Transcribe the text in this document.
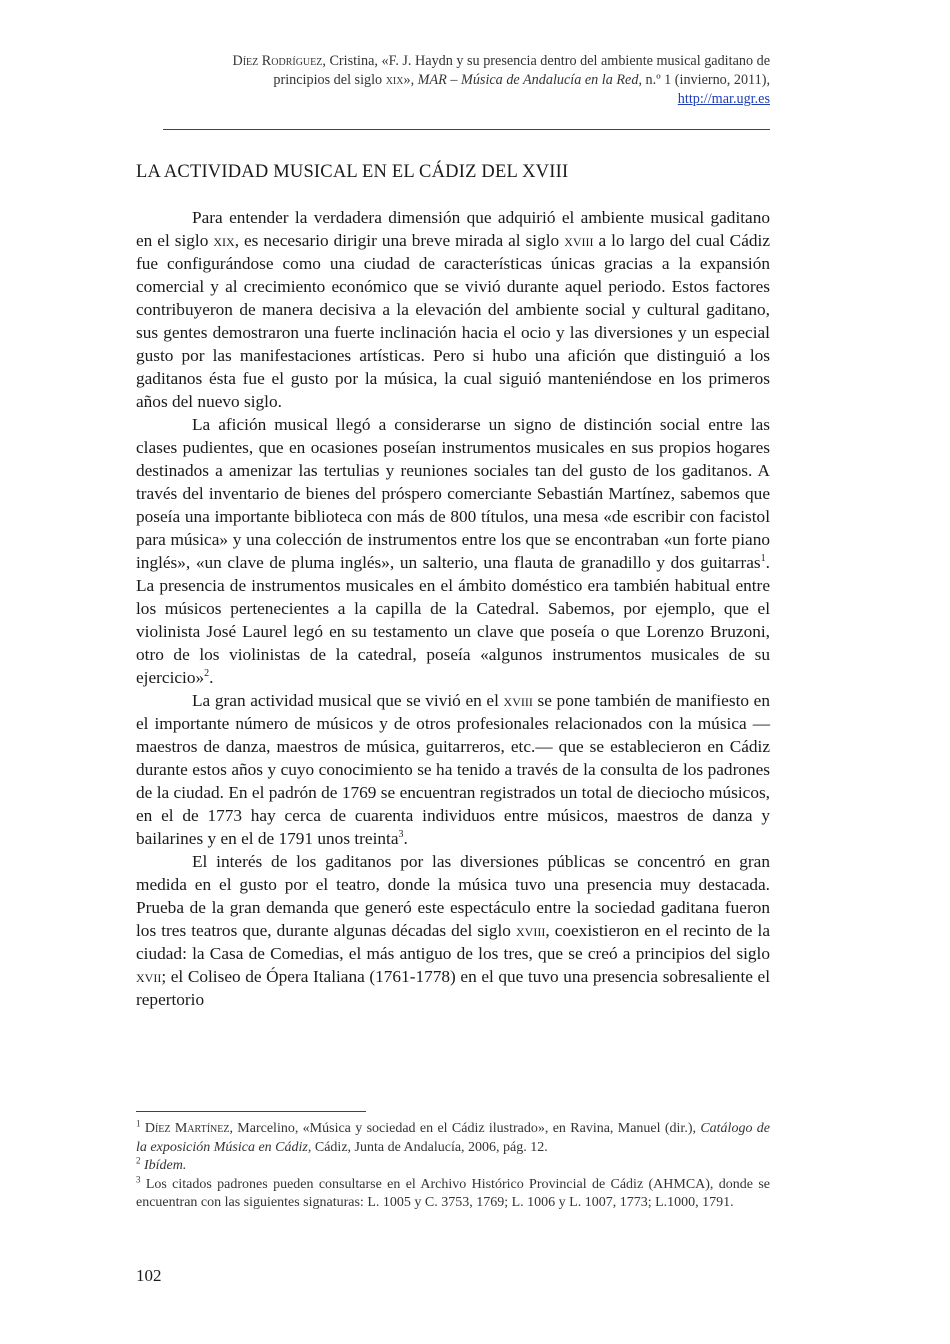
Díez Rodríguez, Cristina, «F. J. Haydn y su presencia dentro del ambiente musical gaditano de
principios del siglo xix», MAR – Música de Andalucía en la Red, n.º 1 (invierno, 2011),
http://mar.ugr.es
LA ACTIVIDAD MUSICAL EN EL CÁDIZ DEL XVIII

Para entender la verdadera dimensión que adquirió el ambiente musical gaditano en el siglo xix, es necesario dirigir una breve mirada al siglo xviii a lo largo del cual Cádiz fue configurándose como una ciudad de características únicas gracias a la expansión comercial y al crecimiento económico que se vivió durante aquel periodo. Estos factores contribuyeron de manera decisiva a la elevación del ambiente social y cultural gaditano, sus gentes demostraron una fuerte inclinación hacia el ocio y las diversiones y un especial gusto por las manifestaciones artísticas. Pero si hubo una afición que distinguió a los gaditanos ésta fue el gusto por la música, la cual siguió manteniéndose en los primeros años del nuevo siglo.

La afición musical llegó a considerarse un signo de distinción social entre las clases pudientes, que en ocasiones poseían instrumentos musicales en sus propios hogares destinados a amenizar las tertulias y reuniones sociales tan del gusto de los gaditanos. A través del inventario de bienes del próspero comerciante Sebastián Martínez, sabemos que poseía una importante biblioteca con más de 800 títulos, una mesa «de escribir con facistol para música» y una colección de instrumentos entre los que se encontraban «un forte piano inglés», «un clave de pluma inglés», un salterio, una flauta de granadillo y dos guitarras$^1$. La presencia de instrumentos musicales en el ámbito doméstico era también habitual entre los músicos pertenecientes a la capilla de la Catedral. Sabemos, por ejemplo, que el violinista José Laurel legó en su testamento un clave que poseía o que Lorenzo Bruzoni, otro de los violinistas de la catedral, poseía «algunos instrumentos musicales de su ejercicio»$^2$.

La gran actividad musical que se vivió en el xviii se pone también de manifiesto en el importante número de músicos y de otros profesionales relacionados con la música —maestros de danza, maestros de música, guitarreros, etc.— que se establecieron en Cádiz durante estos años y cuyo conocimiento se ha tenido a través de la consulta de los padrones de la ciudad. En el padrón de 1769 se encuentran registrados un total de dieciocho músicos, en el de 1773 hay cerca de cuarenta individuos entre músicos, maestros de danza y bailarines y en el de 1791 unos treinta$^3$.

El interés de los gaditanos por las diversiones públicas se concentró en gran medida en el gusto por el teatro, donde la música tuvo una presencia muy destacada. Prueba de la gran demanda que generó este espectáculo entre la sociedad gaditana fueron los tres teatros que, durante algunas décadas del siglo xviii, coexistieron en el recinto de la ciudad: la Casa de Comedias, el más antiguo de los tres, que se creó a principios del siglo xvii; el Coliseo de Ópera Italiana (1761-1778) en el que tuvo una presencia sobresaliente el repertorio

$^1$ Díez Martínez, Marcelino, «Música y sociedad en el Cádiz ilustrado», en Ravina, Manuel (dir.), Catálogo de la exposición Música en Cádiz, Cádiz, Junta de Andalucía, 2006, pág. 12.
$^2$ Ibídem.
$^3$ Los citados padrones pueden consultarse en el Archivo Histórico Provincial de Cádiz (AHMCA), donde se encuentran con las siguientes signaturas: L. 1005 y C. 3753, 1769; L. 1006 y L. 1007, 1773; L.1000, 1791.
102
